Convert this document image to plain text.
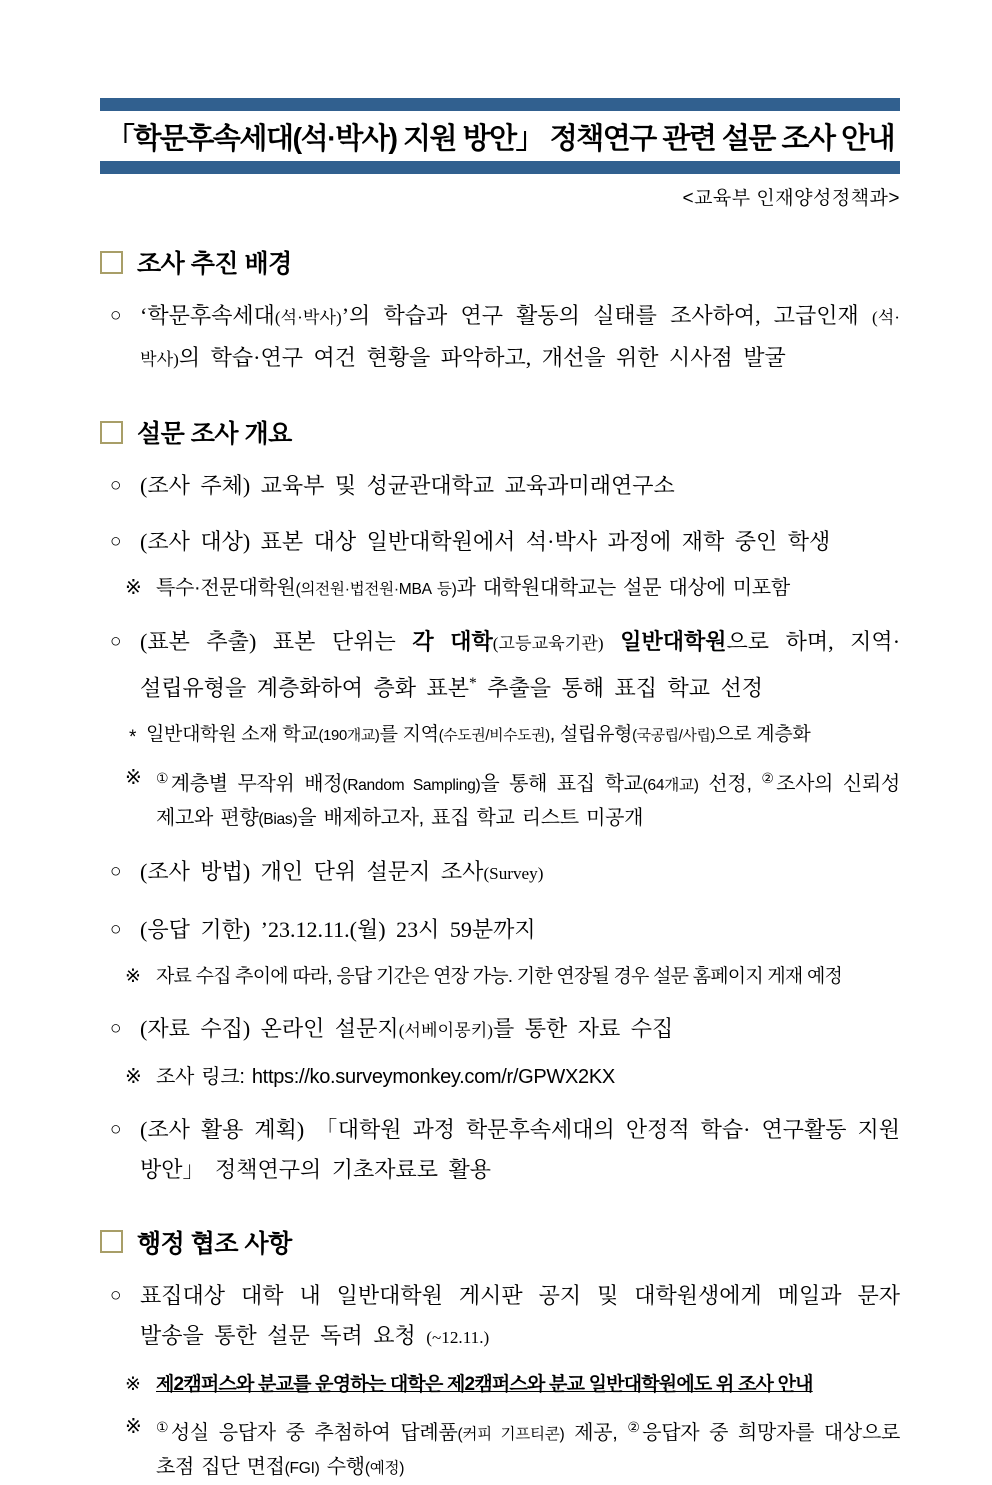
「학문후속세대(석·박사) 지원 방안」 정책연구 관련 설문 조사 안내
<교육부 인재양성정책과>
조사 추진 배경
○ ‘학문후속세대(석·박사)’의 학습과 연구 활동의 실태를 조사하여, 고급인재 (석·박사)의 학습·연구 여건 현황을 파악하고, 개선을 위한 시사점 발굴
설문 조사 개요
○ (조사 주체) 교육부 및 성균관대학교 교육과미래연구소
○ (조사 대상) 표본 대상 일반대학원에서 석·박사 과정에 재학 중인 학생
※ 특수·전문대학원(의전원·법전원·MBA 등)과 대학원대학교는 설문 대상에 미포함
○ (표본 추출) 표본 단위는 각 대학(고등교육기관) 일반대학원으로 하며, 지역·설립유형을 계층화하여 층화 표본* 추출을 통해 표집 학교 선정
* 일반대학원 소재 학교(190개교)를 지역(수도권/비수도권), 설립유형(국공립/사립)으로 계층화
※ ①계층별 무작위 배정(Random Sampling)을 통해 표집 학교(64개교) 선정, ②조사의 신뢰성 제고와 편향(Bias)을 배제하고자, 표집 학교 리스트 미공개
○ (조사 방법) 개인 단위 설문지 조사(Survey)
○ (응답 기한) ’23.12.11.(월) 23시 59분까지
※ 자료 수집 추이에 따라, 응답 기간은 연장 가능. 기한 연장될 경우 설문 홈페이지 게재 예정
○ (자료 수집) 온라인 설문지(서베이몽키)를 통한 자료 수집
※ 조사 링크: https://ko.surveymonkey.com/r/GPWX2KX
○ (조사 활용 계획) 「대학원 과정 학문후속세대의 안정적 학습· 연구활동 지원 방안」 정책연구의 기초자료로 활용
행정 협조 사항
○ 표집대상 대학 내 일반대학원 게시판 공지 및 대학원생에게 메일과 문자 발송을 통한 설문 독려 요청 (~12.11.)
※ 제2캠퍼스와 분교를 운영하는 대학은 제2캠퍼스와 분교 일반대학원에도 위 조사 안내
※ ①성실 응답자 중 추첨하여 답례품(커피 기프티콘) 제공, ②응답자 중 희망자를 대상으로 초점 집단 면접(FGI) 수행(예정)
